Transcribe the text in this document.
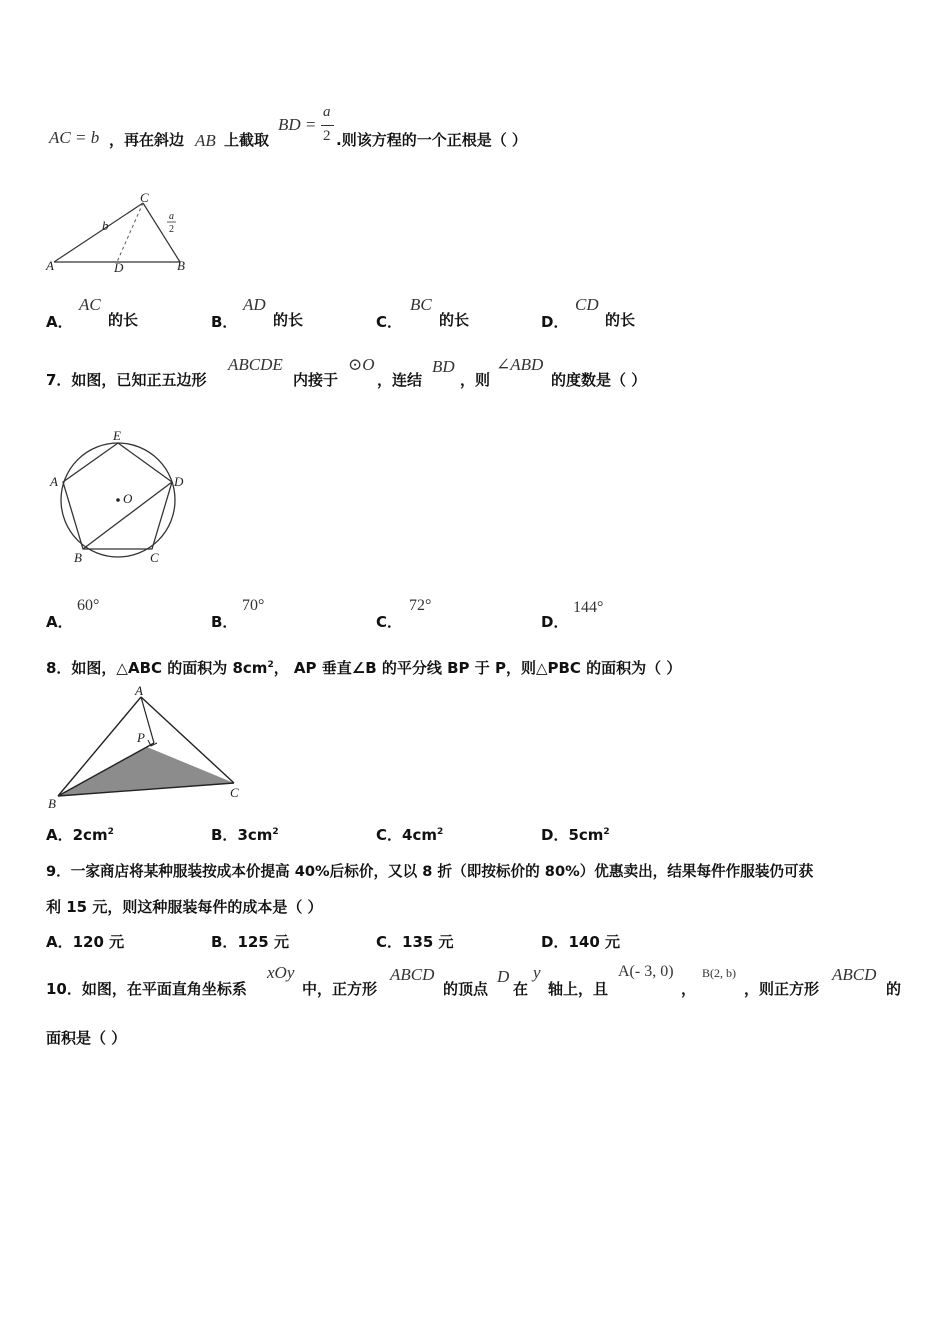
AC = b ，再在斜边 AB 上截取
BD =
a
2 .则该方程的一个正根是（ ）
A	D	B
C
b
a
2
A．
AC
的长	B．
AD
的长	C．
BC
的长	D．
CD
的长
7．如图，已知正五边形
ABCDE
内接于
⊙O
，连结
BD
，则
∠ABD
的度数是（ ）
E
A	D
B	C
O
A．
60°
B．
70°
C．
72°
D．
144°
8．如图，△ABC 的面积为 $8cm^2$， AP 垂直∠B 的平分线 BP 于 P，则△PBC 的面积为（ ）
A
P
B
C
A．$2cm^2$	B．$3cm^2$	C．$4cm^2$	D．$5cm^2$
9．一家商店将某种服装按成本价提高 40%后标价，又以 8 折（即按标价的 80%）优惠卖出，结果每件作服装仍可获
利 15 元，则这种服装每件的成本是（ ）
A．120 元	B．125 元	C．135 元	D．140 元
10．如图，在平面直角坐标系
xOy
中，正方形
ABCD
的顶点
D
在
y
轴上，且
A(- 3, 0)
，
B(2, b)
，则正方形
ABCD
的
面积是（ ）
